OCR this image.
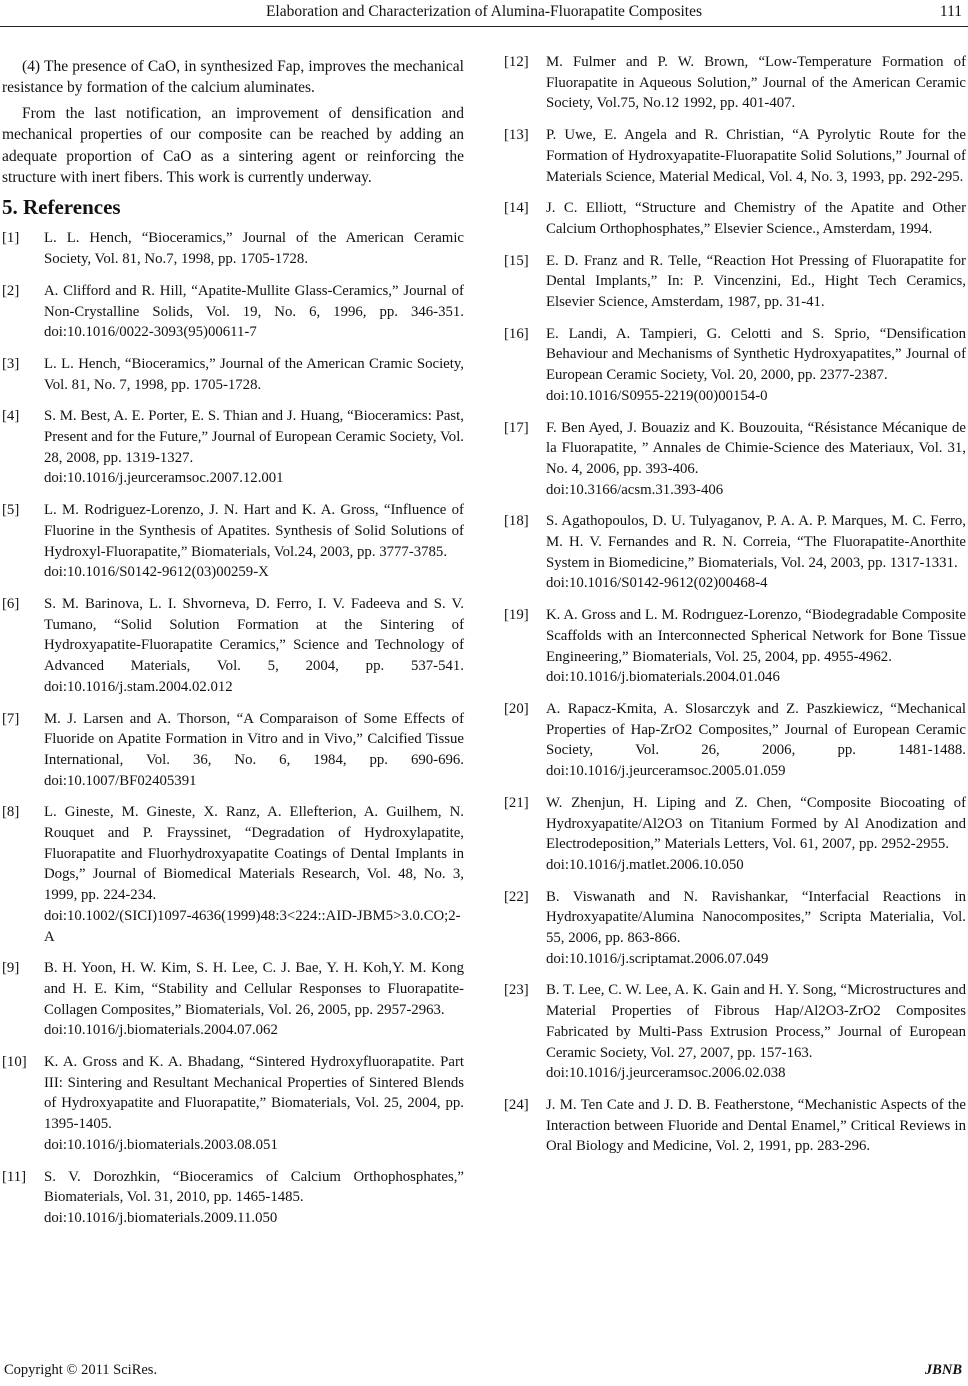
Elaboration and Characterization of Alumina-Fluorapatite Composites	111

(4) The presence of CaO, in synthesized Fap, improves the mechanical resistance by formation of the calcium aluminates.

From the last notification, an improvement of densification and mechanical properties of our composite can be reached by adding an adequate proportion of CaO as a sintering agent or reinforcing the structure with inert fibers. This work is currently underway.

5. References
[1] L. L. Hench, “Bioceramics,” Journal of the American Ceramic Society, Vol. 81, No.7, 1998, pp. 1705-1728.
[2] A. Clifford and R. Hill, “Apatite-Mullite Glass-Ceramics,” Journal of Non-Crystalline Solids, Vol. 19, No. 6, 1996, pp. 346-351. doi:10.1016/0022-3093(95)00611-7
[3] L. L. Hench, “Bioceramics,” Journal of the American Cramic Society, Vol. 81, No. 7, 1998, pp. 1705-1728.
[4] S. M. Best, A. E. Porter, E. S. Thian and J. Huang, “Bioceramics: Past, Present and for the Future,” Journal of European Ceramic Society, Vol. 28, 2008, pp. 1319-1327.
doi:10.1016/j.jeurceramsoc.2007.12.001
[5] L. M. Rodriguez-Lorenzo, J. N. Hart and K. A. Gross, “Influence of Fluorine in the Synthesis of Apatites. Synthesis of Solid Solutions of Hydroxyl-Fluorapatite,” Biomaterials, Vol.24, 2003, pp. 3777-3785.
doi:10.1016/S0142-9612(03)00259-X
[6] S. M. Barinova, L. I. Shvorneva, D. Ferro, I. V. Fadeeva and S. V. Tumano, “Solid Solution Formation at the Sintering of Hydroxyapatite-Fluorapatite Ceramics,” Science and Technology of Advanced Materials, Vol. 5, 2004, pp. 537-541. doi:10.1016/j.stam.2004.02.012
[7] M. J. Larsen and A. Thorson, “A Comparaison of Some Effects of Fluoride on Apatite Formation in Vitro and in Vivo,” Calcified Tissue International, Vol. 36, No. 6, 1984, pp. 690-696. doi:10.1007/BF02405391
[8] L. Gineste, M. Gineste, X. Ranz, A. Ellefterion, A. Guilhem, N. Rouquet and P. Frayssinet, “Degradation of Hydroxylapatite, Fluorapatite and Fluorhydroxyapatite Coatings of Dental Implants in Dogs,” Journal of Biomedical Materials Research, Vol. 48, No. 3, 1999, pp. 224-234.
doi:10.1002/(SICI)1097-4636(1999)48:3<224::AID-JBM5>3.0.CO;2-A
[9] B. H. Yoon, H. W. Kim, S. H. Lee, C. J. Bae, Y. H. Koh,Y. M. Kong and H. E. Kim, “Stability and Cellular Responses to Fluorapatite-Collagen Composites,” Biomaterials, Vol. 26, 2005, pp. 2957-2963.
doi:10.1016/j.biomaterials.2004.07.062
[10] K. A. Gross and K. A. Bhadang, “Sintered Hydroxyfluorapatite. Part III: Sintering and Resultant Mechanical Properties of Sintered Blends of Hydroxyapatite and Fluorapatite,” Biomaterials, Vol. 25, 2004, pp. 1395-1405.
doi:10.1016/j.biomaterials.2003.08.051
[11] S. V. Dorozhkin, “Bioceramics of Calcium Orthophosphates,” Biomaterials, Vol. 31, 2010, pp. 1465-1485.
doi:10.1016/j.biomaterials.2009.11.050
[12] M. Fulmer and P. W. Brown, “Low-Temperature Formation of Fluorapatite in Aqueous Solution,” Journal of the American Ceramic Society, Vol.75, No.12 1992, pp. 401-407.
[13] P. Uwe, E. Angela and R. Christian, “A Pyrolytic Route for the Formation of Hydroxyapatite-Fluorapatite Solid Solutions,” Journal of Materials Science, Material Medical, Vol. 4, No. 3, 1993, pp. 292-295.
[14] J. C. Elliott, “Structure and Chemistry of the Apatite and Other Calcium Orthophosphates,” Elsevier Science., Amsterdam, 1994.
[15] E. D. Franz and R. Telle, “Reaction Hot Pressing of Fluorapatite for Dental Implants,” In: P. Vincenzini, Ed., Hight Tech Ceramics, Elsevier Science, Amsterdam, 1987, pp. 31-41.
[16] E. Landi, A. Tampieri, G. Celotti and S. Sprio, “Densification Behaviour and Mechanisms of Synthetic Hydroxyapatites,” Journal of European Ceramic Society, Vol. 20, 2000, pp. 2377-2387.
doi:10.1016/S0955-2219(00)00154-0
[17] F. Ben Ayed, J. Bouaziz and K. Bouzouita, “Résistance Mécanique de la Fluorapatite, ” Annales de Chimie-Science des Materiaux, Vol. 31, No. 4, 2006, pp. 393-406.
doi:10.3166/acsm.31.393-406
[18] S. Agathopoulos, D. U. Tulyaganov, P. A. A. P. Marques, M. C. Ferro, M. H. V. Fernandes and R. N. Correia, “The Fluorapatite-Anorthite System in Biomedicine,” Biomaterials, Vol. 24, 2003, pp. 1317-1331.
doi:10.1016/S0142-9612(02)00468-4
[19] K. A. Gross and L. M. Rodrıguez-Lorenzo, “Biodegradable Composite Scaffolds with an Interconnected Spherical Network for Bone Tissue Engineering,” Biomaterials, Vol. 25, 2004, pp. 4955-4962.
doi:10.1016/j.biomaterials.2004.01.046
[20] A. Rapacz-Kmita, A. Slosarczyk and Z. Paszkiewicz, “Mechanical Properties of Hap-ZrO2 Composites,” Journal of European Ceramic Society, Vol. 26, 2006, pp. 1481-1488. doi:10.1016/j.jeurceramsoc.2005.01.059
[21] W. Zhenjun, H. Liping and Z. Chen, “Composite Biocoating of Hydroxyapatite/Al2O3 on Titanium Formed by Al Anodization and Electrodeposition,” Materials Letters, Vol. 61, 2007, pp. 2952-2955.
doi:10.1016/j.matlet.2006.10.050
[22] B. Viswanath and N. Ravishankar, “Interfacial Reactions in Hydroxyapatite/Alumina Nanocomposites,” Scripta Materialia, Vol. 55, 2006, pp. 863-866.
doi:10.1016/j.scriptamat.2006.07.049
[23] B. T. Lee, C. W. Lee, A. K. Gain and H. Y. Song, “Microstructures and Material Properties of Fibrous Hap/Al2O3-ZrO2 Composites Fabricated by Multi-Pass Extrusion Process,” Journal of European Ceramic Society, Vol. 27, 2007, pp. 157-163.
doi:10.1016/j.jeurceramsoc.2006.02.038
[24] J. M. Ten Cate and J. D. B. Featherstone, “Mechanistic Aspects of the Interaction between Fluoride and Dental Enamel,” Critical Reviews in Oral Biology and Medicine, Vol. 2, 1991, pp. 283-296.
Copyright © 2011 SciRes.	JBNB
